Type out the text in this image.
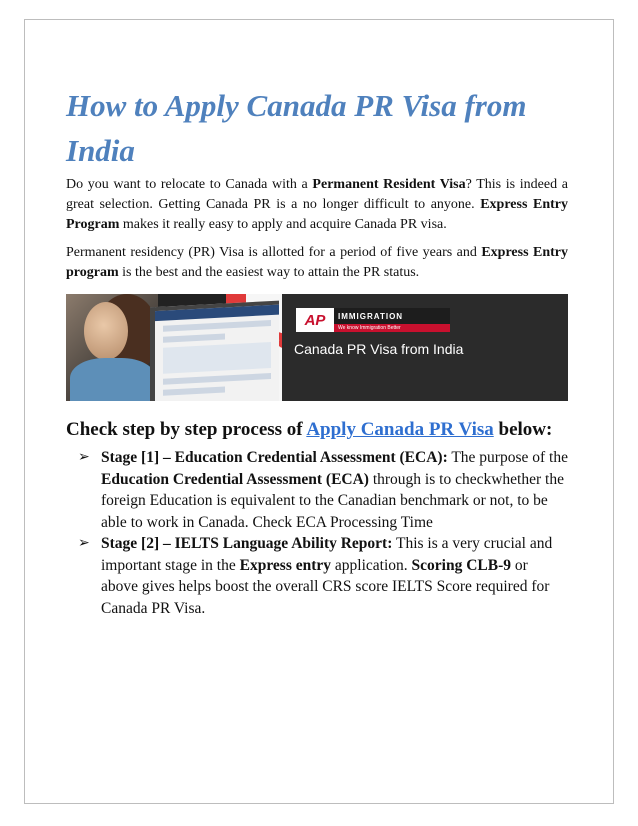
How to Apply Canada PR Visa from India

Do you want to relocate to Canada with a Permanent Resident Visa? This is indeed a great selection. Getting Canada PR is a no longer difficult to anyone. Express Entry Program makes it really easy to apply and acquire Canada PR visa.

Permanent residency (PR) Visa is allotted for a period of five years and Express Entry program is the best and the easiest way to attain the PR status.

AP	IMMIGRATION
We know Immigration Better
Canada PR Visa from India
Check step by step process of Apply Canada PR Visa below:
➢ Stage [1] – Education Credential Assessment (ECA): The purpose of the Education Credential Assessment (ECA) through is to checkwhether the foreign Education is equivalent to the Canadian benchmark or not, to be able to work in Canada. Check ECA Processing Time
➢ Stage [2] – IELTS Language Ability Report: This is a very crucial and important stage in the Express entry application. Scoring CLB-9 or above gives helps boost the overall CRS score IELTS Score required for Canada PR Visa.
